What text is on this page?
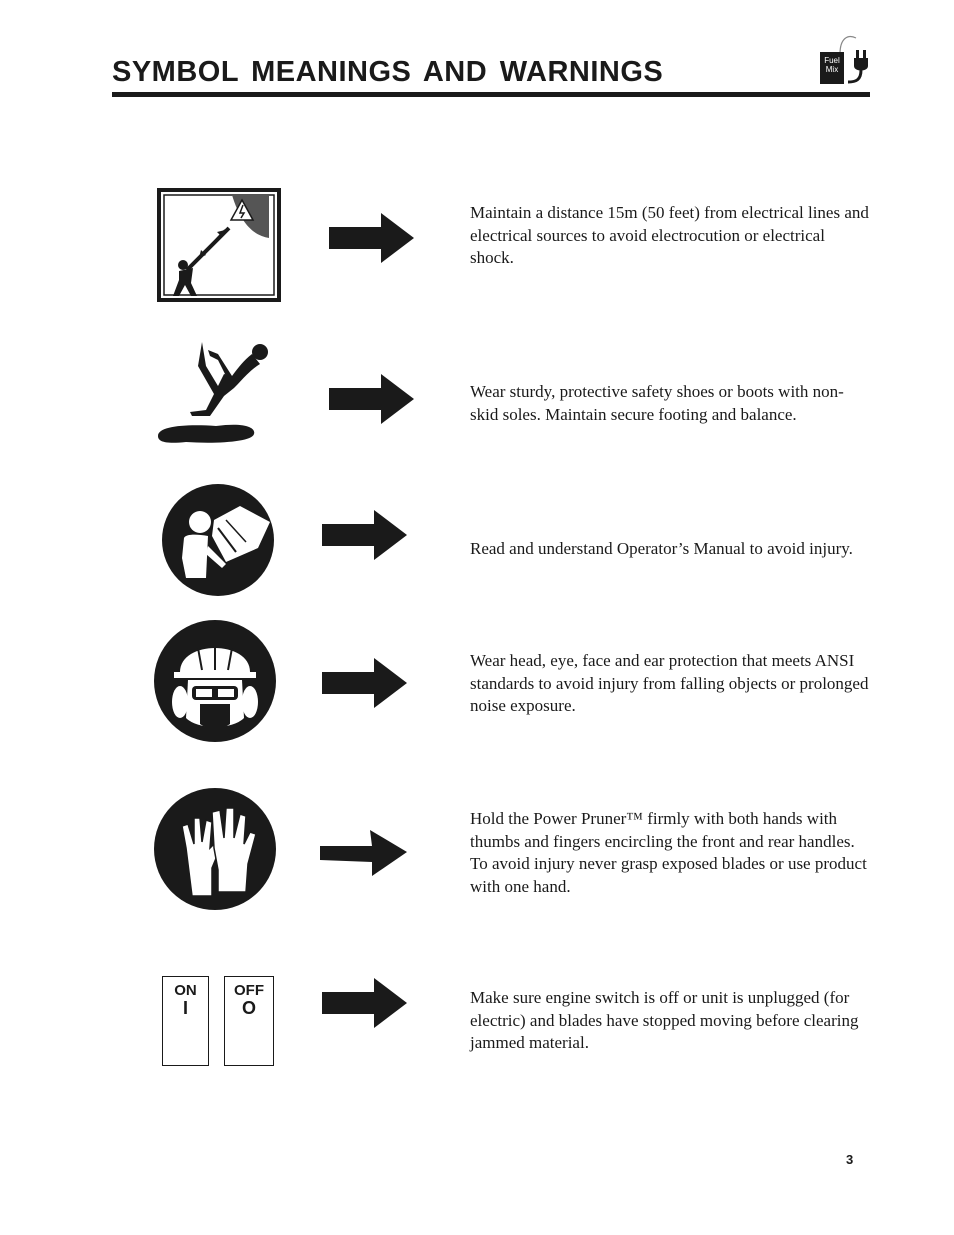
SYMBOL MEANINGS AND WARNINGS	Fuel
Mix
Maintain a distance 15m (50 feet) from electrical lines and electrical sources to avoid electrocution or electrical shock.
Wear sturdy, protective safety shoes or boots with non-skid soles. Maintain secure footing and balance.
Read and understand Operator’s Manual to avoid injury.
Wear head, eye, face and ear protection that meets ANSI standards to avoid injury from falling objects or prolonged noise exposure.
Hold the Power Pruner™ firmly with both hands with thumbs and fingers encircling the front and rear handles. To avoid injury never grasp exposed blades or use product with one hand.
ON
I
OFF
O
Make sure engine switch is off or unit is unplugged (for electric) and blades have stopped moving before clearing jammed material.
3
